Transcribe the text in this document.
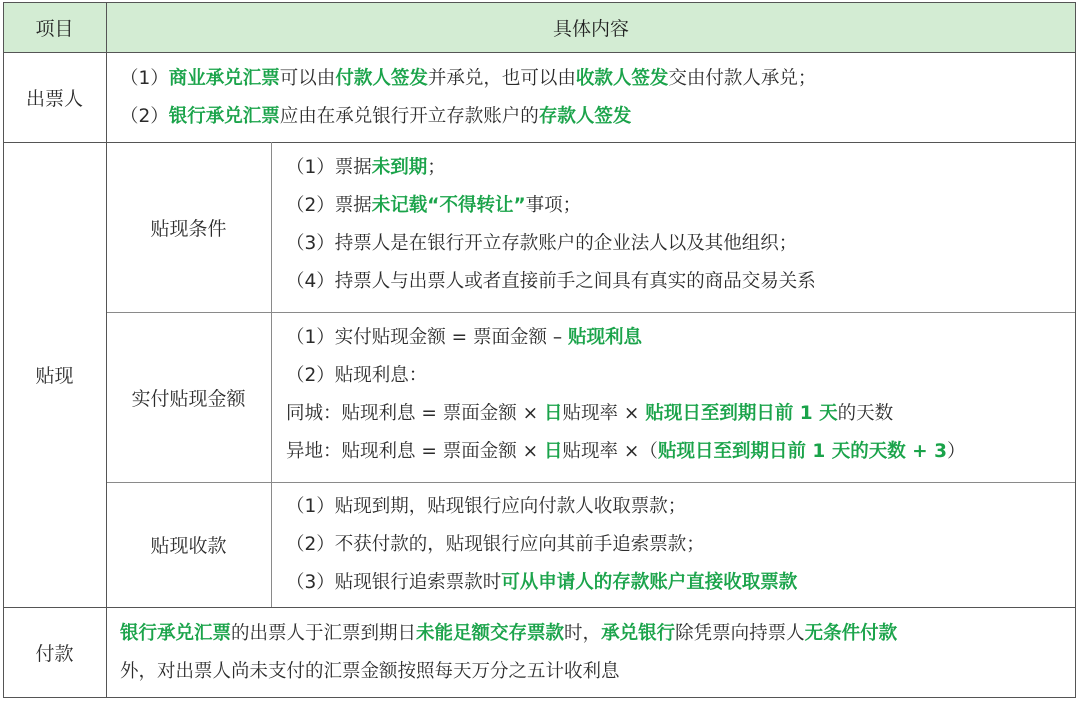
项目	具体内容
出票人
（1）商业承兑汇票可以由付款人签发并承兑，也可以由收款人签发交由付款人承兑；
（2）银行承兑汇票应由在承兑银行开立存款账户的存款人签发
贴现
贴现条件
（1）票据未到期；
（2）票据未记载“不得转让”事项；
（3）持票人是在银行开立存款账户的企业法人以及其他组织；
（4）持票人与出票人或者直接前手之间具有真实的商品交易关系
实付贴现金额
（1）实付贴现金额 = 票面金额 – 贴现利息
（2）贴现利息：
同城：贴现利息 = 票面金额 × 日贴现率 × 贴现日至到期日前 1 天的天数
异地：贴现利息 = 票面金额 × 日贴现率 ×（贴现日至到期日前 1 天的天数 + 3）
贴现收款
（1）贴现到期，贴现银行应向付款人收取票款；
（2）不获付款的，贴现银行应向其前手追索票款；
（3）贴现银行追索票款时可从申请人的存款账户直接收取票款
付款
银行承兑汇票的出票人于汇票到期日未能足额交存票款时，承兑银行除凭票向持票人无条件付款
外，对出票人尚未支付的汇票金额按照每天万分之五计收利息
